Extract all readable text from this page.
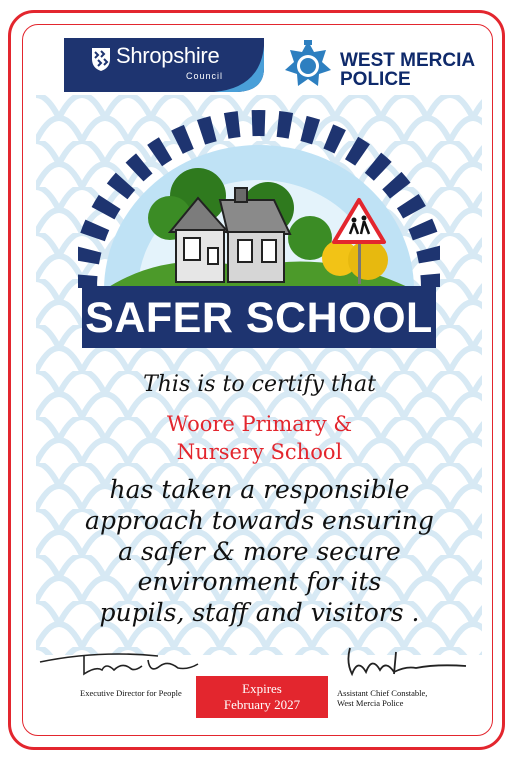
Shropshire
Council
WEST MERCIA
POLICE
SAFER SCHOOL
This is to certify that
Woore Primary &
Nursery School
has taken a responsible
approach towards ensuring
a safer & more secure
environment for its
pupils, staff and visitors .
Executive Director for People	Assistant Chief Constable,
West Mercia Police
Expires
February 2027
